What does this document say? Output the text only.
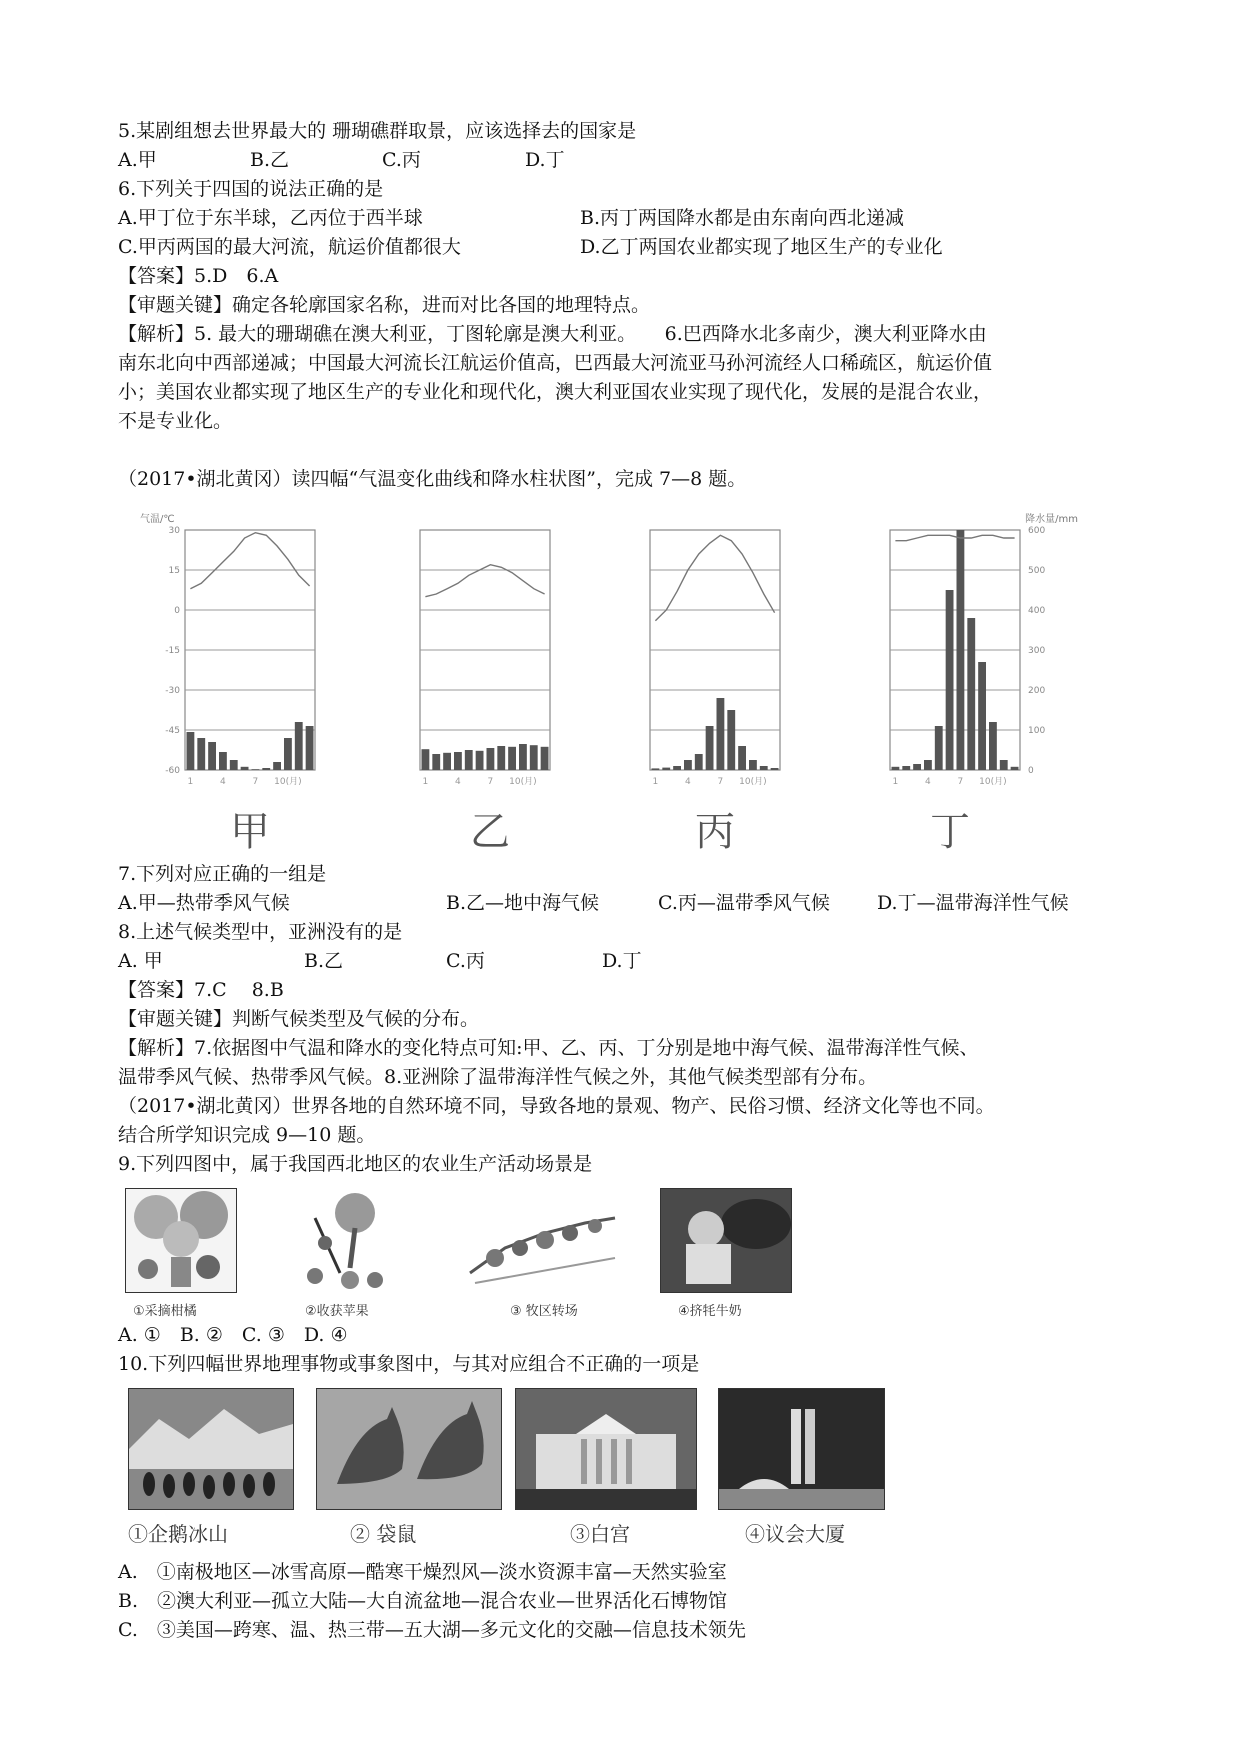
5.某剧组想去世界最大的 珊瑚礁群取景，应该选择去的国家是
A.甲	B.乙	C.丙	D.丁
6.下列关于四国的说法正确的是
A.甲丁位于东半球，乙丙位于西半球	B.丙丁两国降水都是由东南向西北递减
C.甲丙两国的最大河流，航运价值都很大	D.乙丁两国农业都实现了地区生产的专业化
【答案】5.D　6.A
【审题关键】确定各轮廓国家名称，进而对比各国的地理特点。
【解析】5. 最大的珊瑚礁在澳大利亚，丁图轮廓是澳大利亚。　　6.巴西降水北多南少，澳大利亚降水由
南东北向中西部递减；中国最大河流长江航运价值高，巴西最大河流亚马孙河流经人口稀疏区，航运价值
小；美国农业都实现了地区生产的专业化和现代化，澳大利亚国农业实现了现代化，发展的是混合农业，
不是专业化。
（2017•湖北黄冈）读四幅“气温变化曲线和降水柱状图”，完成 7—8 题。
气温/℃
30
15
0
-15
-30
-45
-60
降水量/mm
600
500
400
300
200
100
0
1	4	7 10(月)	1	4	7 10(月)	1	4	7 10(月)	1	4	7 10(月)
甲	乙	丙	丁
7.下列对应正确的一组是
A.甲—热带季风气候	B.乙—地中海气候	C.丙—温带季风气候 D.丁—温带海洋性气候
8.上述气候类型中，亚洲没有的是
A. 甲	B.乙	C.丙	D.丁
【答案】7.C　 8.B
【审题关键】判断气候类型及气候的分布。
【解析】7.依据图中气温和降水的变化特点可知:甲、乙、丙、丁分别是地中海气候、温带海洋性气候、
温带季风气候、热带季风气候。8.亚洲除了温带海洋性气候之外，其他气候类型部有分布。
（2017•湖北黄冈）世界各地的自然环境不同，导致各地的景观、物产、民俗习惯、经济文化等也不同。
结合所学知识完成 9—10 题。
9.下列四图中，属于我国西北地区的农业生产活动场景是
①采摘柑橘	②收获苹果	③ 牧区转场	④挤牦牛奶
A. ①　B. ②　C. ③　D. ④
10.下列四幅世界地理事物或事象图中，与其对应组合不正确的一项是
①企鹅冰山	② 袋鼠	③白宫	④议会大厦
A.　①南极地区—冰雪高原—酷寒干燥烈风—淡水资源丰富—天然实验室
B.　②澳大利亚—孤立大陆—大自流盆地—混合农业—世界活化石博物馆
C.　③美国—跨寒、温、热三带—五大湖—多元文化的交融—信息技术领先
